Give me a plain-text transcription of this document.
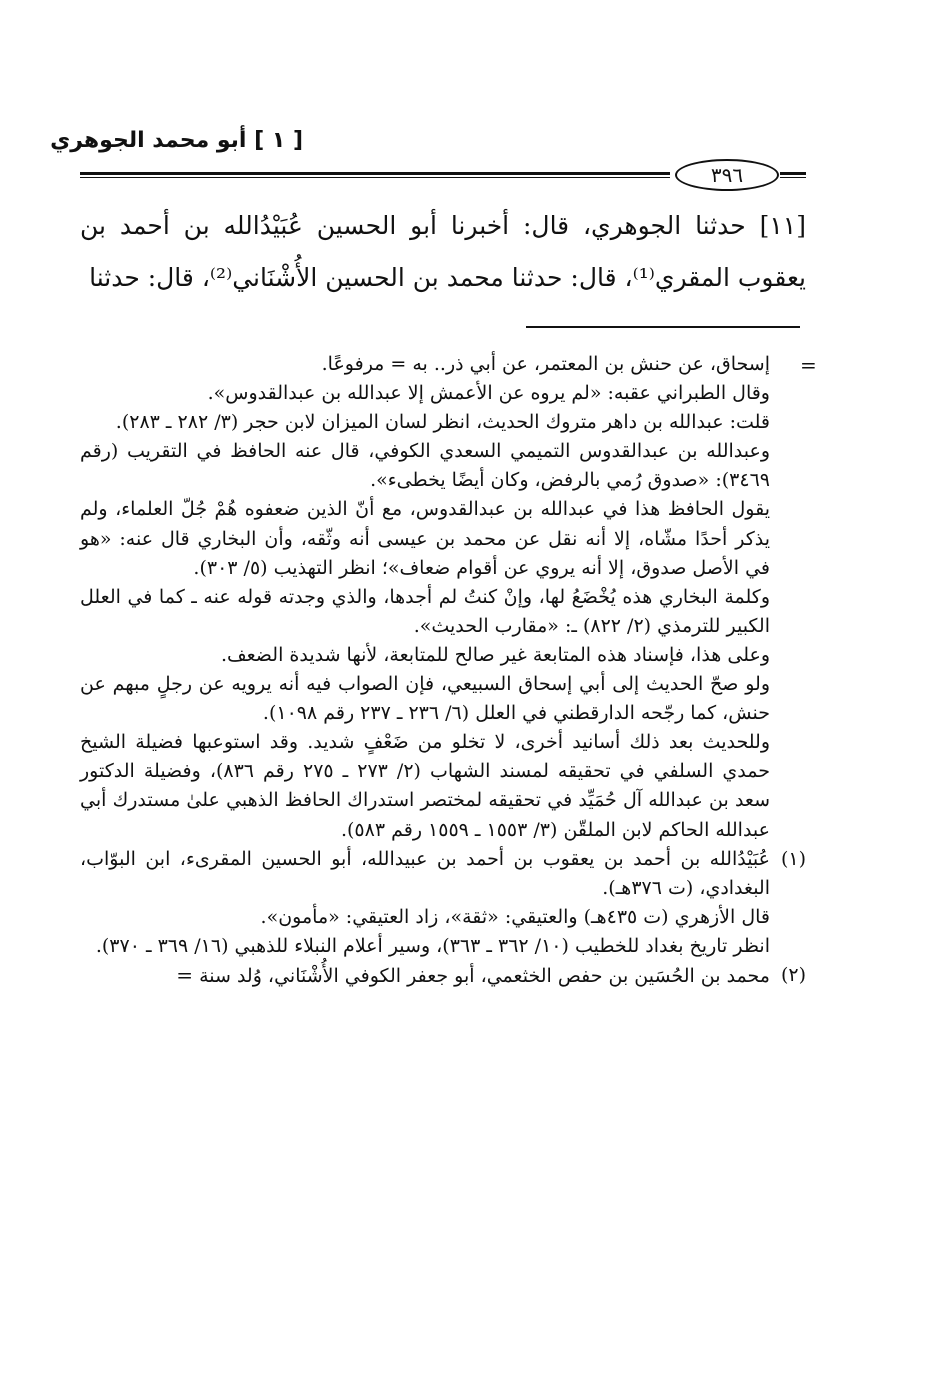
[ ١ ] أبو محمد الجوهري
٣٩٦

[١١] حدثنا الجوهري، قال: أخبرنا أبو الحسين عُبَيْدُالله بن أحمد بن يعقوب المقري⁽¹⁾، قال: حدثنا محمد بن الحسين الأُشْنَاني⁽²⁾، قال: حدثنا

=

إسحاق، عن حنش بن المعتمر، عن أبي ذر.. به = مرفوعًا.

وقال الطبراني عقبه: «لم يروه عن الأعمش إلا عبدالله بن عبدالقدوس».

قلت: عبدالله بن داهر متروك الحديث، انظر لسان الميزان لابن حجر (٣/ ٢٨٢ ـ ٢٨٣).

وعبدالله بن عبدالقدوس التميمي السعدي الكوفي، قال عنه الحافظ في التقريب (رقم ٣٤٦٩): «صدوق رُمي بالرفض، وكان أيضًا يخطىء».

يقول الحافظ هذا في عبدالله بن عبدالقدوس، مع أنّ الذين ضعفوه هُمْ جُلّ العلماء، ولم يذكر أحدًا مشّاه، إلا أنه نقل عن محمد بن عيسى أنه وثّقه، وأن البخاري قال عنه: «هو في الأصل صدوق، إلا أنه يروي عن أقوام ضعاف»؛ انظر التهذيب (٥/ ٣٠٣).

وكلمة البخاري هذه يُخْضَعُ لها، وإنْ كنتُ لم أجدها، والذي وجدته قوله عنه ـ كما في العلل الكبير للترمذي (٢/ ٨٢٢) ـ: «مقارب الحديث».

وعلى هذا، فإسناد هذه المتابعة غير صالح للمتابعة، لأنها شديدة الضعف.

ولو صحّ الحديث إلى أبي إسحاق السبيعي، فإن الصواب فيه أنه يرويه عن رجلٍ مبهم عن حنش، كما رجّحه الدارقطني في العلل (٦/ ٢٣٦ ـ ٢٣٧ رقم ١٠٩٨).

وللحديث بعد ذلك أسانيد أخرى، لا تخلو من ضَعْفٍ شديد. وقد استوعبها فضيلة الشيخ حمدي السلفي في تحقيقه لمسند الشهاب (٢/ ٢٧٣ ـ ٢٧٥ رقم ٨٣٦)، وفضيلة الدكتور سعد بن عبدالله آل حُمَيِّد في تحقيقه لمختصر استدراك الحافظ الذهبي علىٰ مستدرك أبي عبدالله الحاكم لابن الملقّن (٣/ ١٥٥٣ ـ ١٥٥٩ رقم ٥٨٣).

(١)
عُبَيْدُالله بن أحمد بن يعقوب بن أحمد بن عبيدالله، أبو الحسين المقرىء، ابن البوّاب، البغدادي، (ت ٣٧٦هـ).

قال الأزهري (ت ٤٣٥هـ) والعتيقي: «ثقة»، زاد العتيقي: «مأمون».

انظر تاريخ بغداد للخطيب (١٠/ ٣٦٢ ـ ٣٦٣)، وسير أعلام النبلاء للذهبي (١٦/ ٣٦٩ ـ ٣٧٠).

(٢)
محمد بن الحُسَين بن حفص الخثعمي، أبو جعفر الكوفي الأُشْنَاني، وُلد سنة =
